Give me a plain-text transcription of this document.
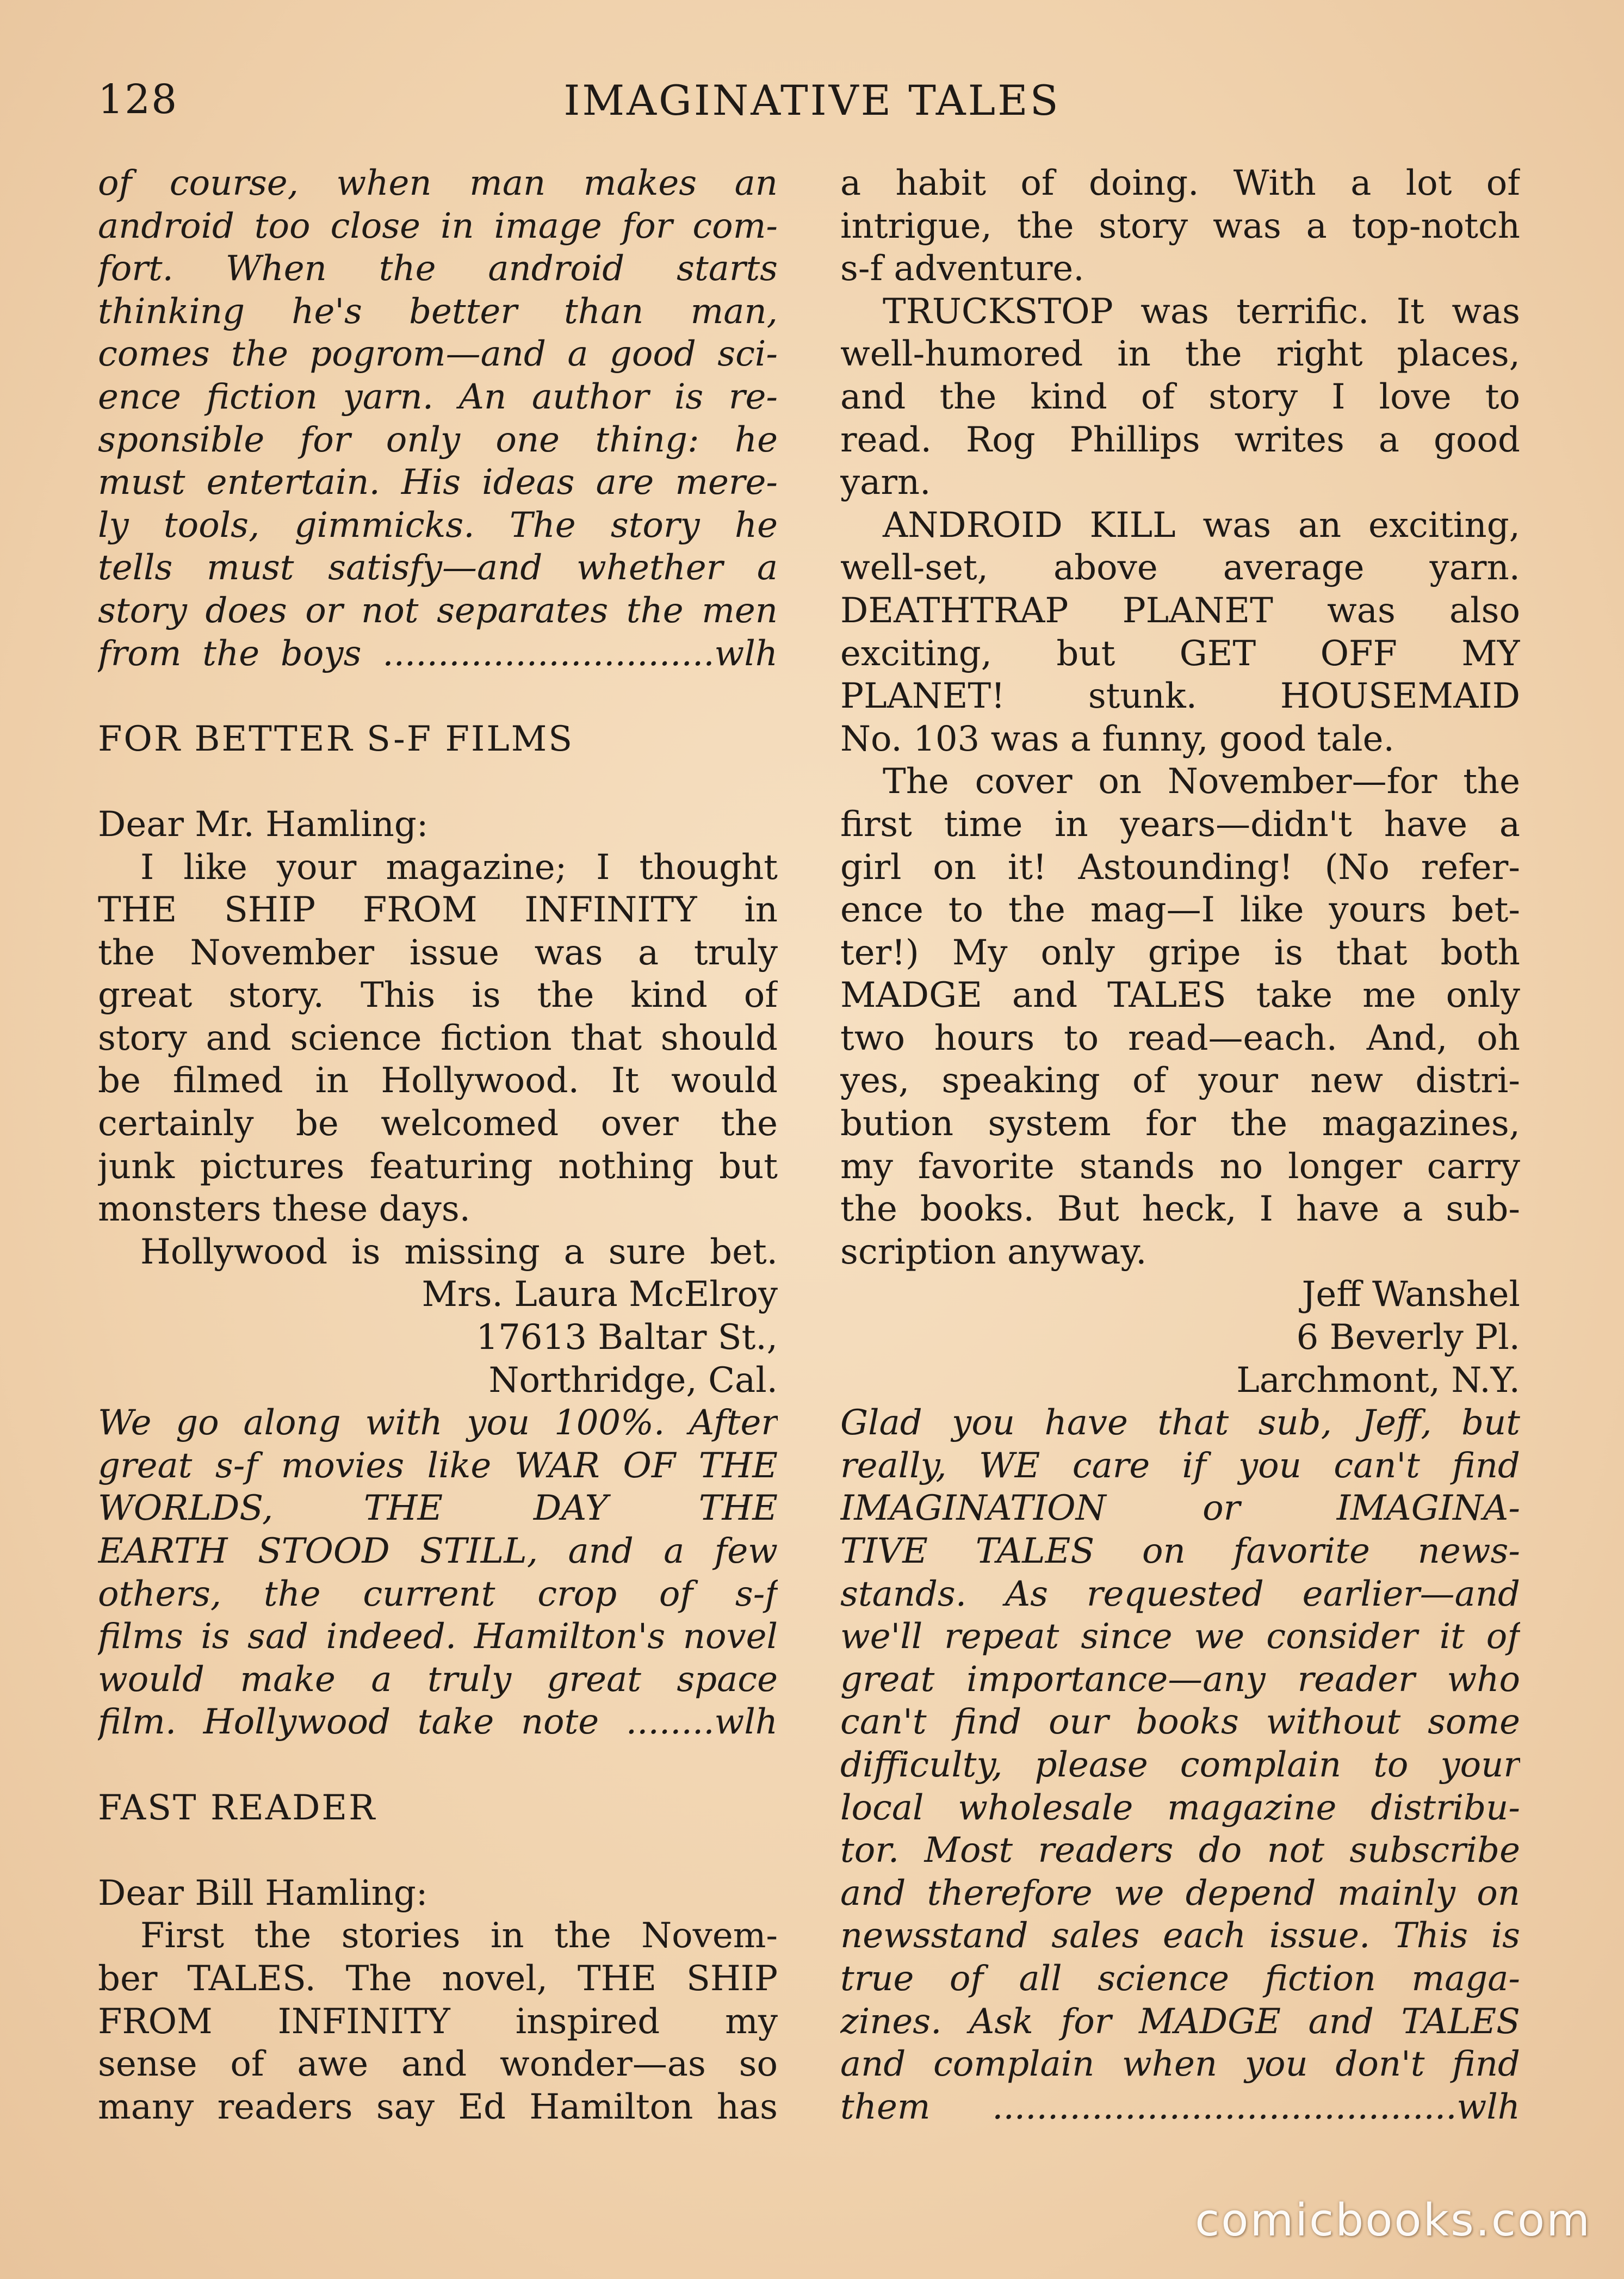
128	IMAGINATIVE TALES
of course, when man makes an
android too close in image for com-
fort. When the android starts
thinking he's better than man,
comes the pogrom—and a good sci-
ence fiction yarn. An author is re-
sponsible for only one thing: he
must entertain. His ideas are mere-
ly tools, gimmicks. The story he
tells must satisfy—and whether a
story does or not separates the men
from the boys ..............................wlh
FOR BETTER S-F FILMS
Dear Mr. Hamling:
I like your magazine; I thought
THE SHIP FROM INFINITY in
the November issue was a truly
great story. This is the kind of
story and science fiction that should
be filmed in Hollywood. It would
certainly be welcomed over the
junk pictures featuring nothing but
monsters these days.
Hollywood is missing a sure bet.
Mrs. Laura McElroy
17613 Baltar St.,
Northridge, Cal.
We go along with you 100%. After
great s-f movies like WAR OF THE
WORLDS, THE DAY THE
EARTH STOOD STILL, and a few
others, the current crop of s-f
films is sad indeed. Hamilton's novel
would make a truly great space
film. Hollywood take note ........wlh
FAST READER
Dear Bill Hamling:
First the stories in the Novem-
ber TALES. The novel, THE SHIP
FROM INFINITY inspired my
sense of awe and wonder—as so
many readers say Ed Hamilton has
a habit of doing. With a lot of
intrigue, the story was a top-notch
s-f adventure.
TRUCKSTOP was terrific. It was
well-humored in the right places,
and the kind of story I love to
read. Rog Phillips writes a good
yarn.
ANDROID KILL was an exciting,
well-set, above average yarn.
DEATHTRAP PLANET was also
exciting, but GET OFF MY
PLANET! stunk. HOUSEMAID
No. 103 was a funny, good tale.
The cover on November—for the
first time in years—didn't have a
girl on it! Astounding! (No refer-
ence to the mag—I like yours bet-
ter!) My only gripe is that both
MADGE and TALES take me only
two hours to read—each. And, oh
yes, speaking of your new distri-
bution system for the magazines,
my favorite stands no longer carry
the books. But heck, I have a sub-
scription anyway.
Jeff Wanshel
6 Beverly Pl.
Larchmont, N.Y.
Glad you have that sub, Jeff, but
really, WE care if you can't find
IMAGINATION or IMAGINA-
TIVE TALES on favorite news-
stands. As requested earlier—and
we'll repeat since we consider it of
great importance—any reader who
can't find our books without some
difficulty, please complain to your
local wholesale magazine distribu-
tor. Most readers do not subscribe
and therefore we depend mainly on
newsstand sales each issue. This is
true of all science fiction maga-
zines. Ask for MADGE and TALES
and complain when you don't find
them ..........................................wlh
comicbooks.com
